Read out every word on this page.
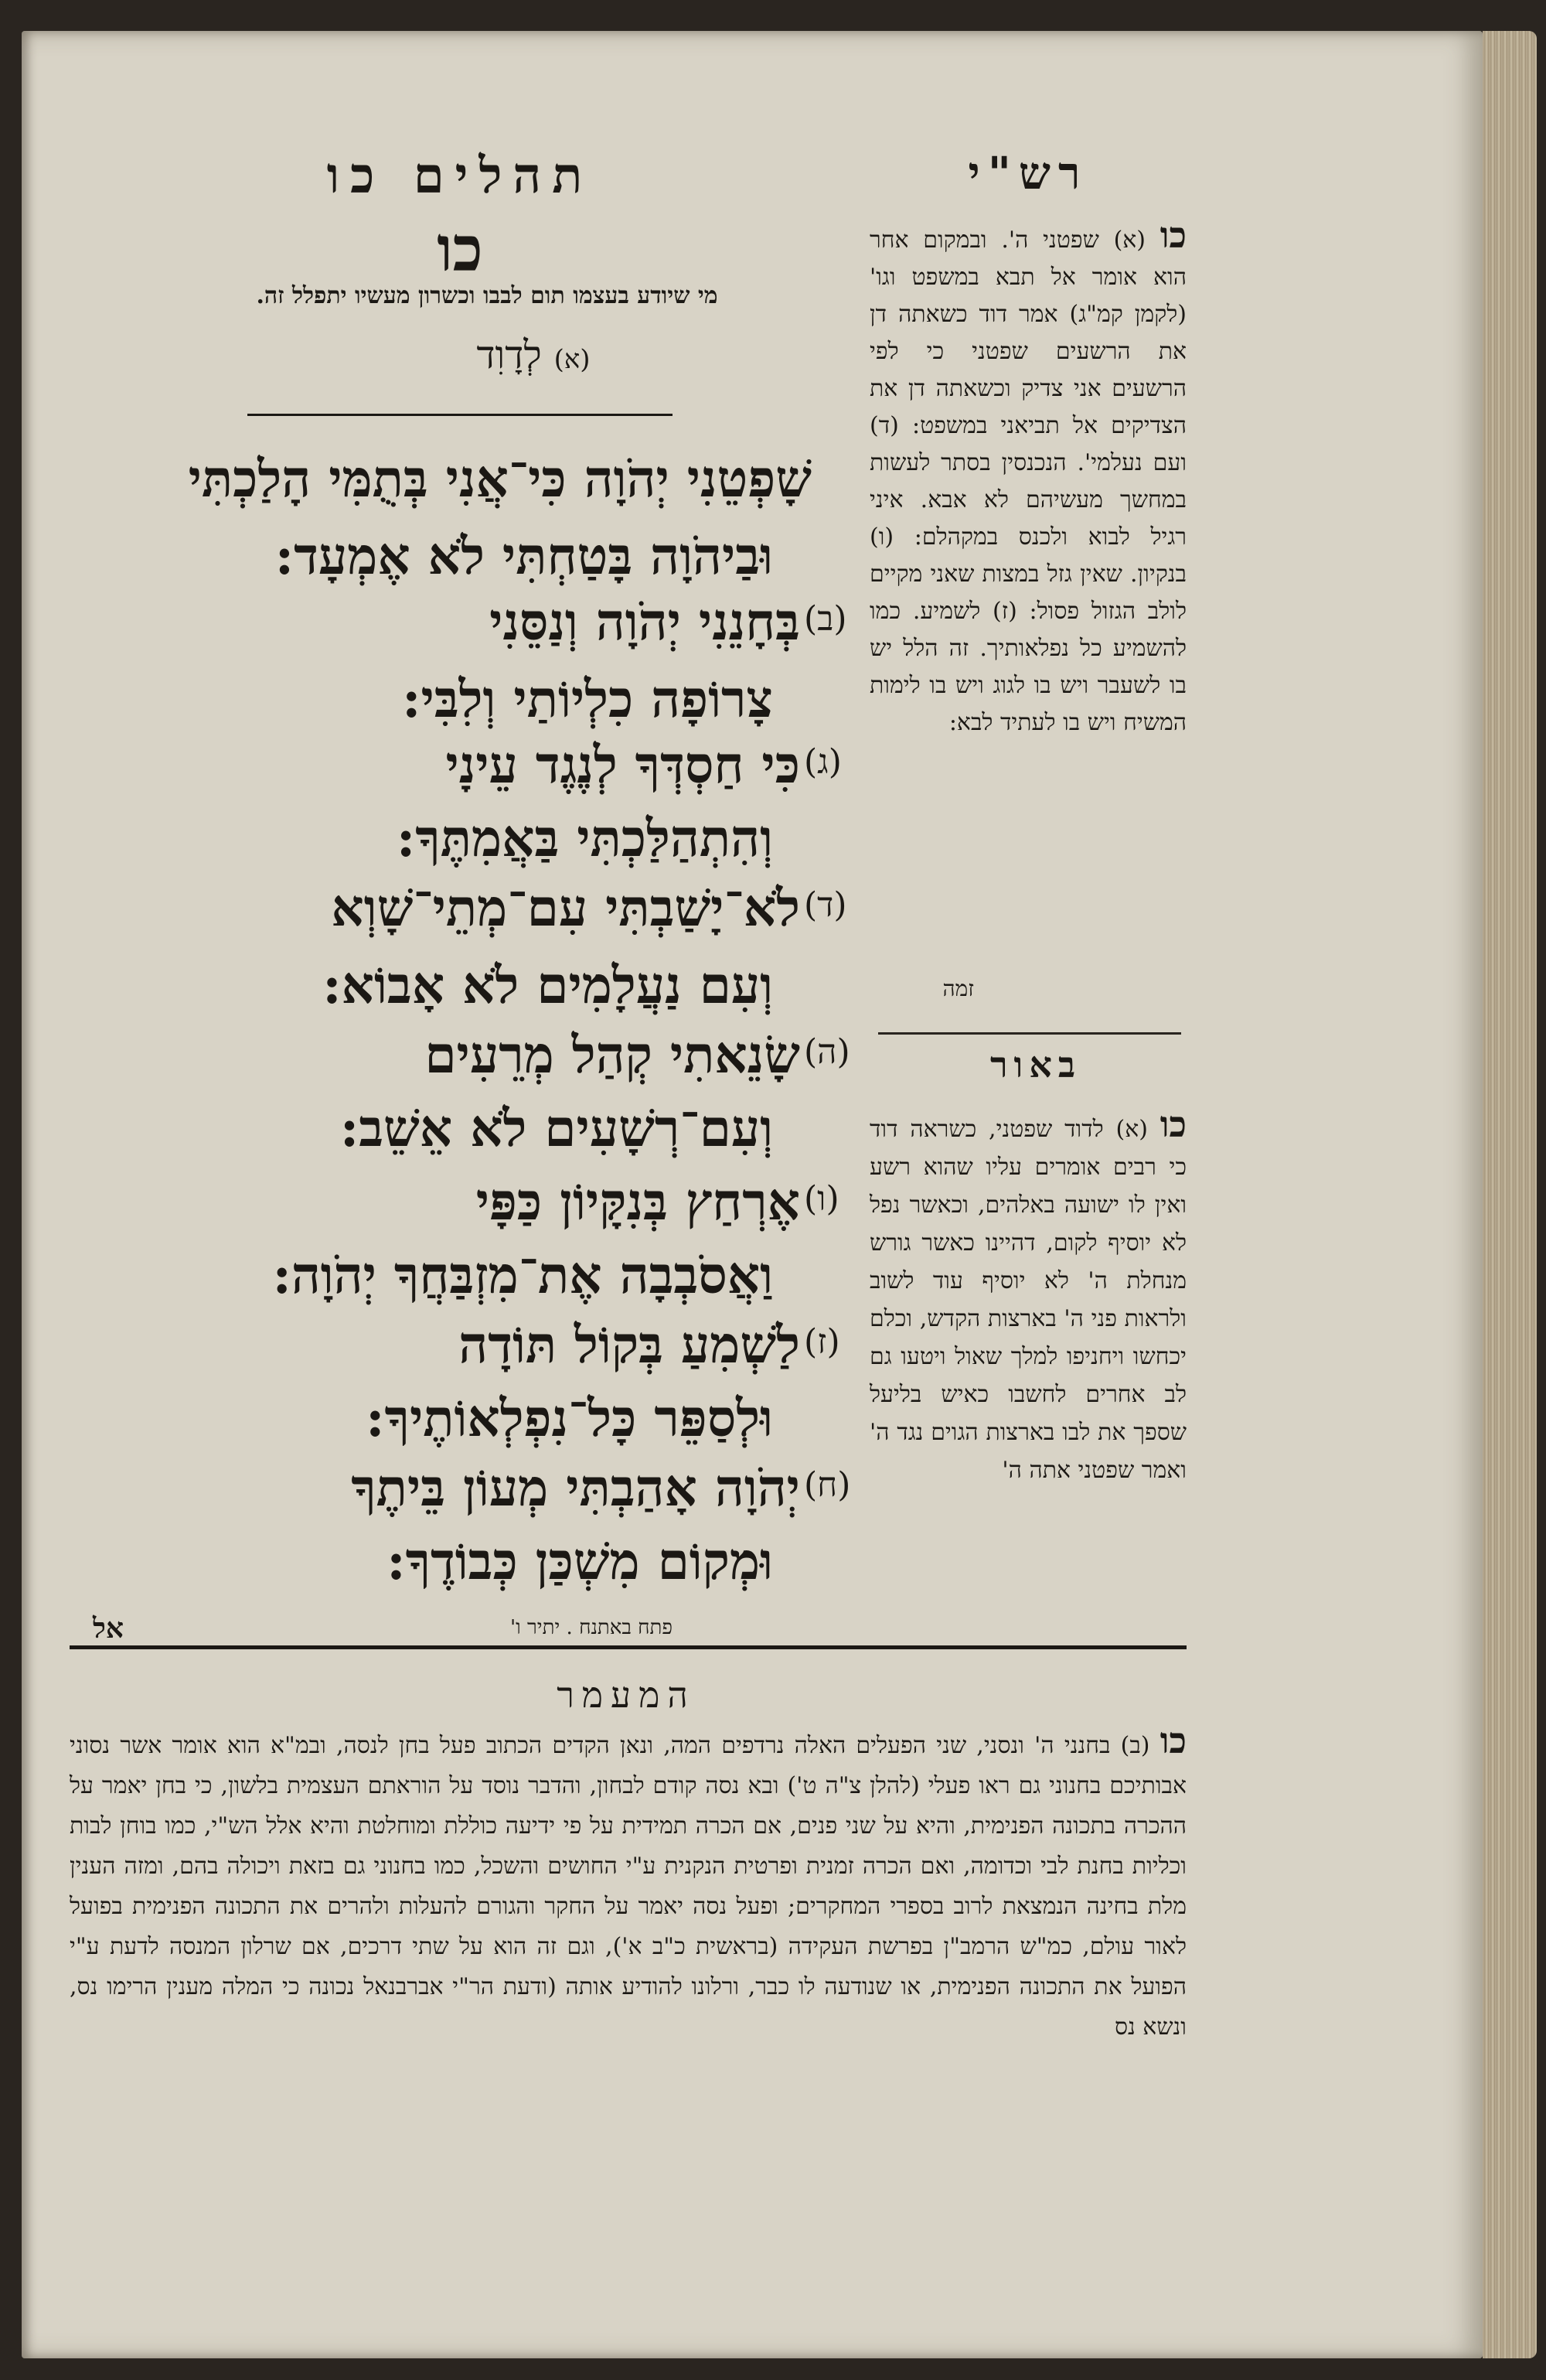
רש"י
כו (א) שפטני ה'. ובמקום אחר הוא אומר אל תבא במשפט וגו' (לקמן קמ"ג) אמר דוד כשאתה דן את הרשעים שפטני כי לפי הרשעים אני צדיק וכשאתה דן את הצדיקים אל תביאני במשפט: (ד) ועם נעלמי'. הנכנסין בסתר לעשות במחשך מעשיהם לא אבא. איני רגיל לבוא ולכנס במקהלם: (ו) בנקיון. שאין גזל במצות שאני מקיים לולב הגזול פסול: (ז) לשמיע. כמו להשמיע כל נפלאותיך. זה הלל יש בו לשעבר ויש בו לגוג ויש בו לימות המשיח ויש בו לעתיד לבא:
זמה
באור
כו (א) לדוד שפטני, כשראה דוד כי רבים אומרים עליו שהוא רשע ואין לו ישועה באלהים, וכאשר נפל לא יוסיף לקום, דהיינו כאשר גורש מנחלת ה' לא יוסיף עוד לשוב ולראות פני ה' בארצות הקדש, וכלם יכחשו ויחניפו למלך שאול ויטעו גם לב אחרים לחשבו כאיש בליעל שספך את לבו בארצות הגוים נגד ה' ואמר שפטני אתה ה'
תהלים כו
כו
מי שיודע בעצמו תום לבבו וכשרון מעשיו יתפלל זה.
(א) לְדָוִד
שָׁפְטֵנִי יְהֹוָה כִּי־אֲנִי בְּתֻמִּי הָלַכְתִּי
וּבַיהֹוָה בָּטַחְתִּי לֹא אֶמְעָד:
(ב)
בְּחָנֵנִי יְהֹוָה וְנַסֵּנִי
צָרוֹפָה כִלְיוֹתַי וְלִבִּי:
(ג)
כִּי חַסְדְּךָ לְנֶגֶד עֵינָי
וְהִתְהַלַּכְתִּי בַּאֲמִתֶּךָ:
(ד)
לֹא־יָשַׁבְתִּי עִם־מְתֵי־שָׁוְא
וְעִם נַעֲלָמִים לֹא אָבוֹא:
(ה)
שָׂנֵאתִי קְהַל מְרֵעִים
וְעִם־רְשָׁעִים לֹא אֵשֵׁב:
(ו)
אֶרְחַץ בְּנִקָּיוֹן כַּפָּי
וַאֲסֹבְבָה אֶת־מִזְבַּחֲךָ יְהֹוָה:
(ז)
לַשְׁמִעַ בְּקוֹל תּוֹדָה
וּלְסַפֵּר כָּל־נִפְלְאוֹתֶיךָ:
(ח)
יְהֹוָה אָהַבְתִּי מְעוֹן בֵּיתֶךָ
וּמְקוֹם מִשְׁכַּן כְּבוֹדֶךָ:
פתח באתנח . יתיר ו'
אל
המעמר
כו (ב) בחנני ה' ונסני, שני הפעלים האלה נרדפים המה, ונאן הקדים הכתוב פעל בחן לנסה, ובמ"א הוא אומר אשר נסוני אבותיכם בחנוני גם ראו פעלי (להלן צ"ה ט') ובא נסה קודם לבחון, והדבר נוסד על הוראתם העצמית בלשון, כי בחן יאמר על ההכרה בתכונה הפנימית, והיא על שני פנים, אם הכרה תמידית על פי ידיעה כוללת ומוחלטת והיא אלל הש"י, כמו בוחן לבות וכליות בחנת לבי וכדומה, ואם הכרה זמנית ופרטית הנקנית ע"י החושים והשכל, כמו בחנוני גם בזאת ויכולה בהם, ומזה הענין מלת בחינה הנמצאת לרוב בספרי המחקרים; ופעל נסה יאמר על החקר והגורם להעלות ולהרים את התכונה הפנימית בפועל לאור עולם, כמ"ש הרמב"ן בפרשת העקידה (בראשית כ"ב א'), וגם זה הוא על שתי דרכים, אם שרלון המנסה לדעת ע"י הפועל את התכונה הפנימית, או שנודעה לו כבר, ורלונו להודיע אותה (ודעת הר"י אברבנאל נכונה כי המלה מענין הרימו נס, ונשא נס
